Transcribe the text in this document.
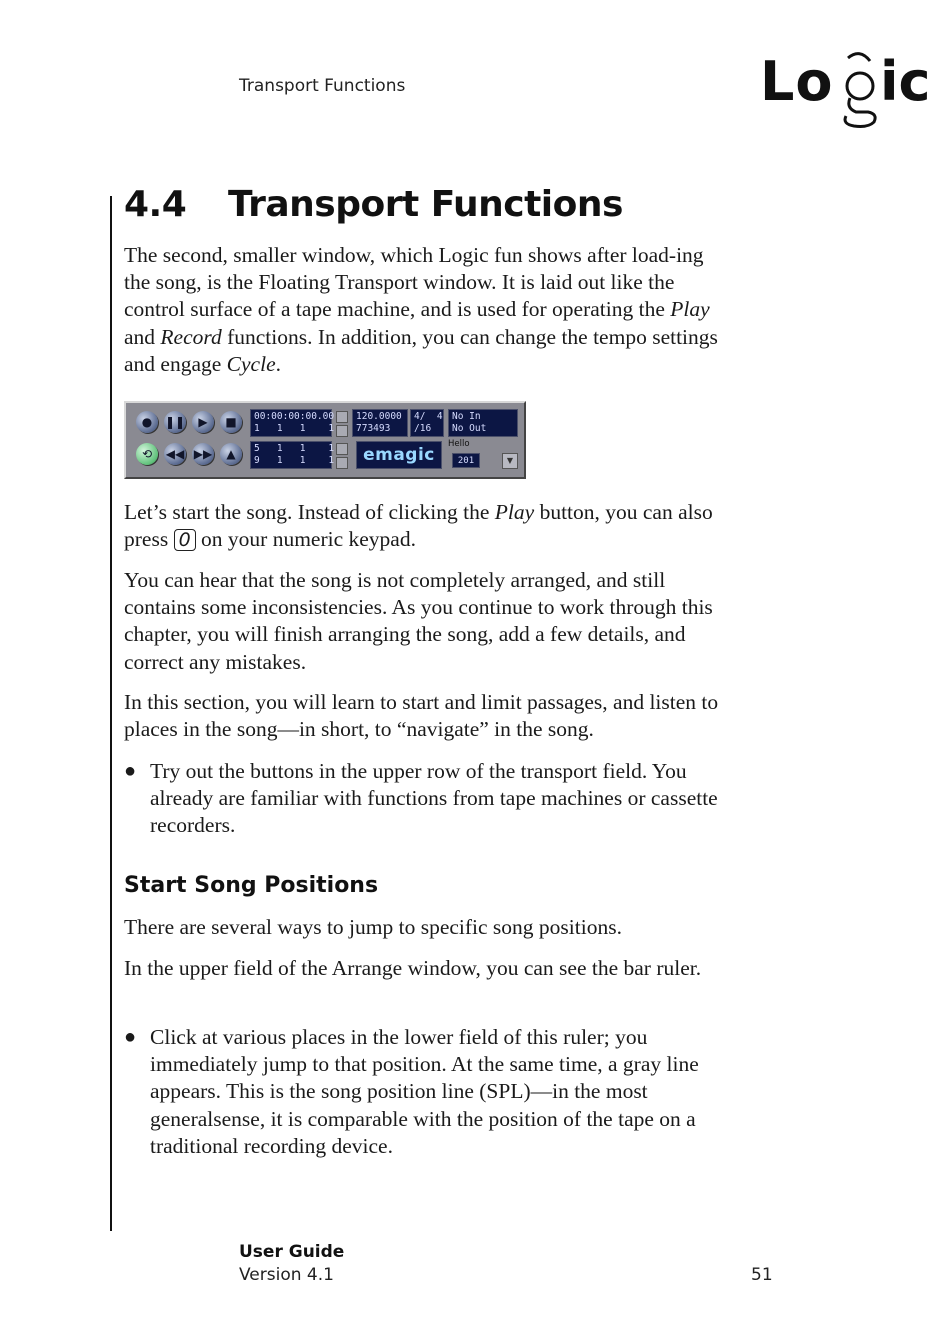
Transport Functions	Lo ic
4.4 Transport Functions

The second, smaller window, which Logic fun shows after load-ing the song, is the Floating Transport window. It is laid out like the control surface of a tape machine, and is used for operating the Play and Record functions. In addition, you can change the tempo settings and engage Cycle.

●	❚❚	▶	■
⟲	◀◀ ▶▶	▲
00:00:00:00.00
1   1   1    1
5   1   1    1
9   1   1    1
120.0000
773493
4/  4
/16
No In
No Out
emagic
Hello
201	▼

Let’s start the song. Instead of clicking the Play button, you can also press 0 on your numeric keypad.

You can hear that the song is not completely arranged, and still contains some inconsistencies. As you continue to work through this chapter, you will finish arranging the song, add a few details, and correct any mistakes.

In this section, you will learn to start and limit passages, and listen to places in the song—in short, to “navigate” in the song.

● Try out the buttons in the upper row of the transport field. You already are familiar with functions from tape machines or cassette recorders.
Start Song Positions

There are several ways to jump to specific song positions.

In the upper field of the Arrange window, you can see the bar ruler.

● Click at various places in the lower field of this ruler; you immediately jump to that position. At the same time, a gray line appears. This is the song position line (SPL)—in the most generalsense, it is comparable with the position of the tape on a traditional recording device.
User Guide
Version 4.1	51
